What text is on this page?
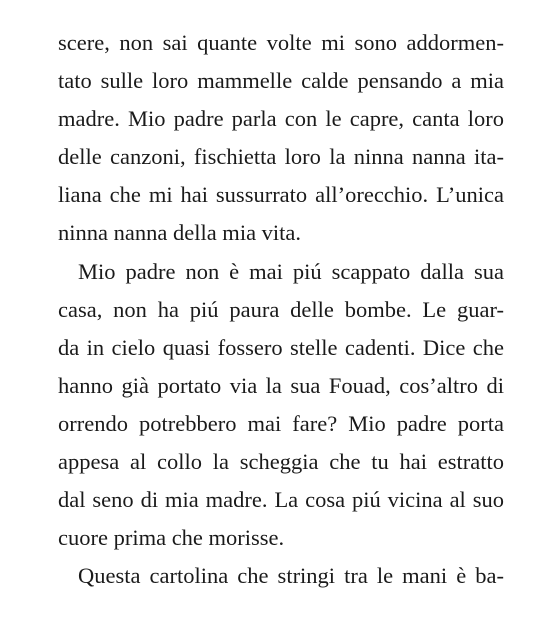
scere, non sai quante volte mi sono addormen-
tato sulle loro mammelle calde pensando a mia
madre. Mio padre parla con le capre, canta loro
delle canzoni, fischietta loro la ninna nanna ita-
liana che mi hai sussurrato all’orecchio. L’unica
ninna nanna della mia vita.
Mio padre non è mai piú scappato dalla sua
casa, non ha piú paura delle bombe. Le guar-
da in cielo quasi fossero stelle cadenti. Dice che
hanno già portato via la sua Fouad, cos’altro di
orrendo potrebbero mai fare? Mio padre porta
appesa al collo la scheggia che tu hai estratto
dal seno di mia madre. La cosa piú vicina al suo
cuore prima che morisse.
Questa cartolina che stringi tra le mani è ba-
